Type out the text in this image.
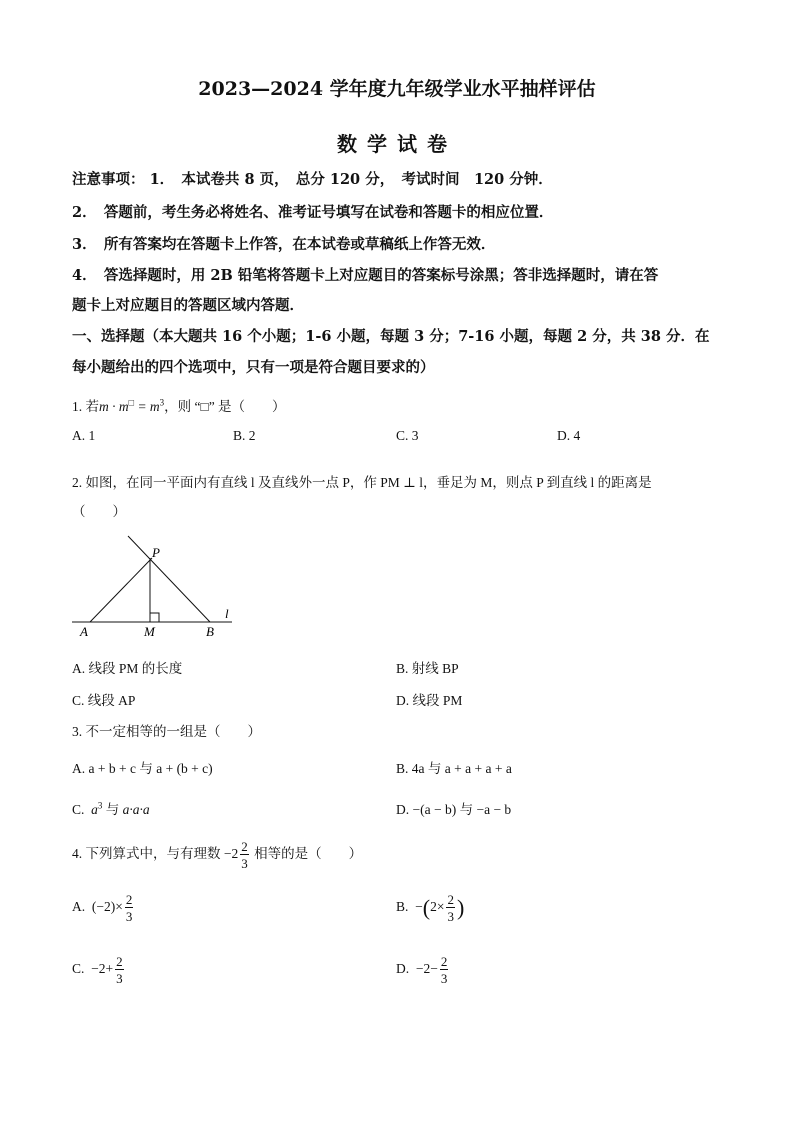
2023—2024 学年度九年级学业水平抽样评估
数学试卷
注意事项： 1．　本试卷共 8 页，　总分 120 分，　考试时间　120 分钟．
2．　答题前，考生务必将姓名、准考证号填写在试卷和答题卡的相应位置．
3．　所有答案均在答题卡上作答，在本试卷或草稿纸上作答无效．
4．　答选择题时，用 2B 铅笔将答题卡上对应题目的答案标号涂黑；答非选择题时，请在答
题卡上对应题目的答题区域内答题．
一、选择题（本大题共 16 个小题；1-6 小题，每题 3 分；7-16 小题，每题 2 分，共 38 分．在
每小题给出的四个选项中，只有一项是符合题目要求的）
1. 若$m \cdot m^□ = m^3$，则 “□” 是（　　）
A. 1	B. 2	C. 3	D. 4
2. 如图，在同一平面内有直线 l 及直线外一点 P，作 PM ⊥ l，垂足为 M，则点 P 到直线 l 的距离是
（　　）
P
A	M	B
l
A. 线段 PM 的长度	B. 射线 BP
C. 线段 AP	D. 线段 PM
3. 不一定相等的一组是（　　）
A. a + b + c 与 a + (b + c)	B. 4a 与 a + a + a + a
C. $a^3$ 与 a·a·a	D. −(a − b) 与 −a − b
4. 下列算式中，与有理数 $-2 \frac{2}{3}$ 相等的是（　　）
A. $(-2)\times \frac{2}{3}$	B. $-(2\times \frac{2}{3}$ )
C. $-2+ \frac{2}{3}$	D. $-2- \frac{2}{3}$
